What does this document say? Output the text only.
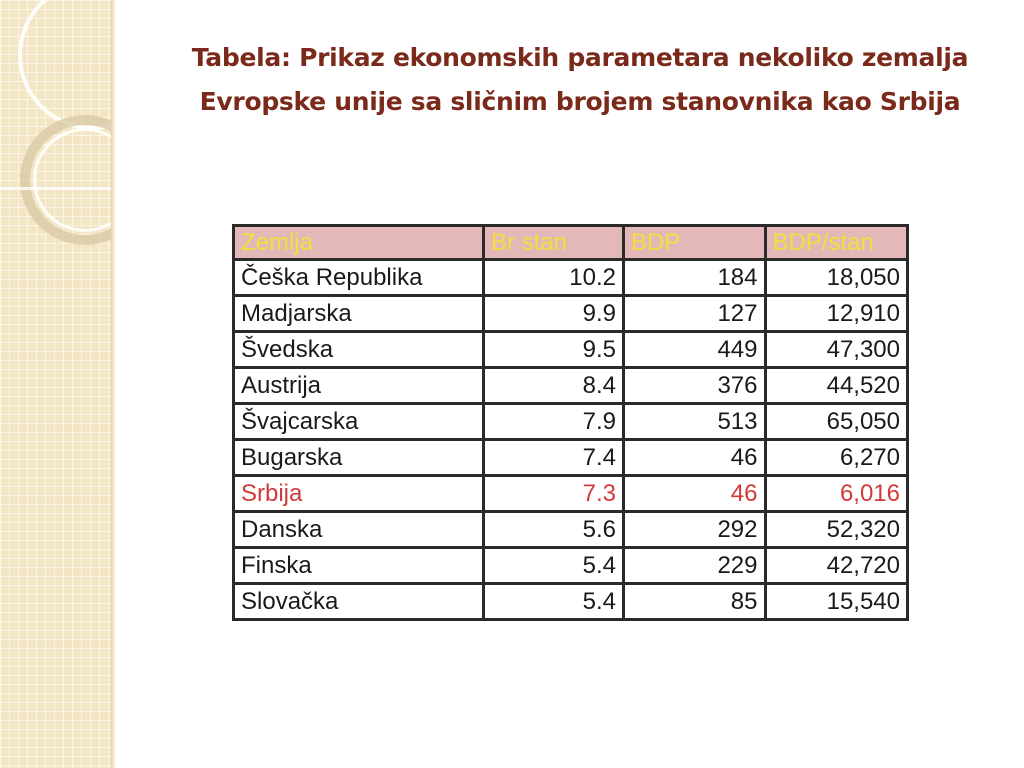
Tabela: Prikaz ekonomskih parametara nekoliko zemalja Evropske unije sa sličnim brojem stanovnika kao Srbija
Zemlja	Br stan	BDP	BDP/stan
Češka Republika	10.2	184	18,050
Madjarska	9.9	127	12,910
Švedska	9.5	449	47,300
Austrija	8.4	376	44,520
Švajcarska	7.9	513	65,050
Bugarska	7.4	46	6,270
Srbija	7.3	46	6,016
Danska	5.6	292	52,320
Finska	5.4	229	42,720
Slovačka	5.4	85	15,540
